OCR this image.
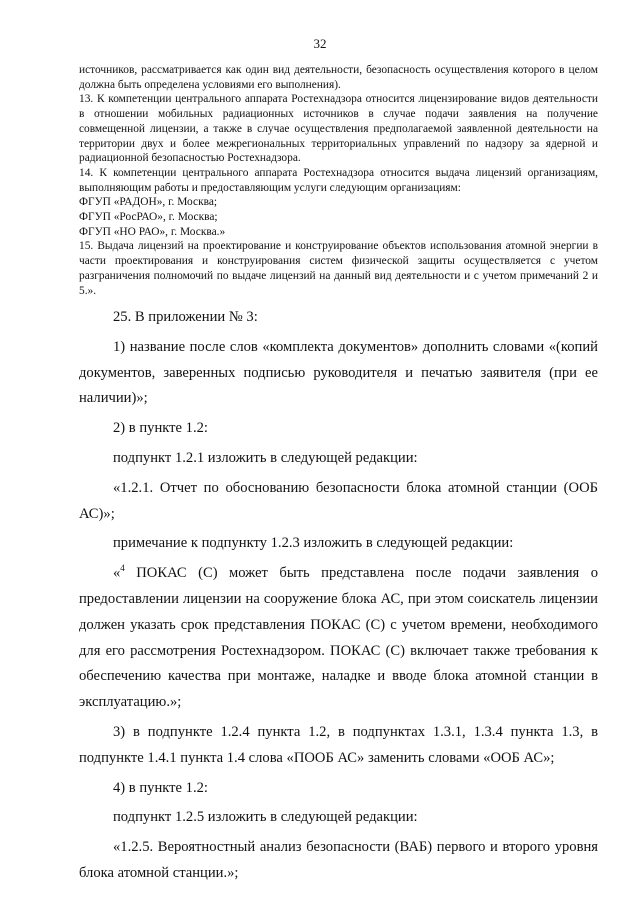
32

источников, рассматривается как один вид деятельности, безопасность осуществления которого в целом должна быть определена условиями его выполнения).

13. К компетенции центрального аппарата Ростехнадзора относится лицензирование видов деятельности в отношении мобильных радиационных источников в случае подачи заявления на получение совмещенной лицензии, а также в случае осуществления предполагаемой заявленной деятельности на территории двух и более межрегиональных территориальных управлений по надзору за ядерной и радиационной безопасностью Ростехнадзора.

14. К компетенции центрального аппарата Ростехнадзора относится выдача лицензий организациям, выполняющим работы и предоставляющим услуги следующим организациям:

ФГУП «РАДОН», г. Москва;

ФГУП «РосРАО», г. Москва;

ФГУП «НО РАО», г. Москва.»

15. Выдача лицензий на проектирование и конструирование объектов использования атомной энергии в части проектирования и конструирования систем физической защиты осуществляется с учетом разграничения полномочий по выдаче лицензий на данный вид деятельности и с учетом примечаний 2 и 5.».

25. В приложении № 3:

1) название после слов «комплекта документов» дополнить словами «(копий документов, заверенных подписью руководителя и печатью заявителя (при ее наличии)»;

2) в пункте 1.2:

подпункт 1.2.1 изложить в следующей редакции:

«1.2.1. Отчет по обоснованию безопасности блока атомной станции (ООБ АС)»;

примечание к подпункту 1.2.3 изложить в следующей редакции:

«$^4$ ПОКАС (С) может быть представлена после подачи заявления о предоставлении лицензии на сооружение блока АС, при этом соискатель лицензии должен указать срок представления ПОКАС (С) с учетом времени, необходимого для его рассмотрения Ростехнадзором. ПОКАС (С) включает также требования к обеспечению качества при монтаже, наладке и вводе блока атомной станции в эксплуатацию.»;

3) в подпункте 1.2.4 пункта 1.2, в подпунктах 1.3.1, 1.3.4 пункта 1.3, в подпункте 1.4.1 пункта 1.4 слова «ПООБ АС» заменить словами «ООБ АС»;

4) в пункте 1.2:

подпункт 1.2.5 изложить в следующей редакции:

«1.2.5. Вероятностный анализ безопасности (ВАБ) первого и второго уровня блока атомной станции.»;
